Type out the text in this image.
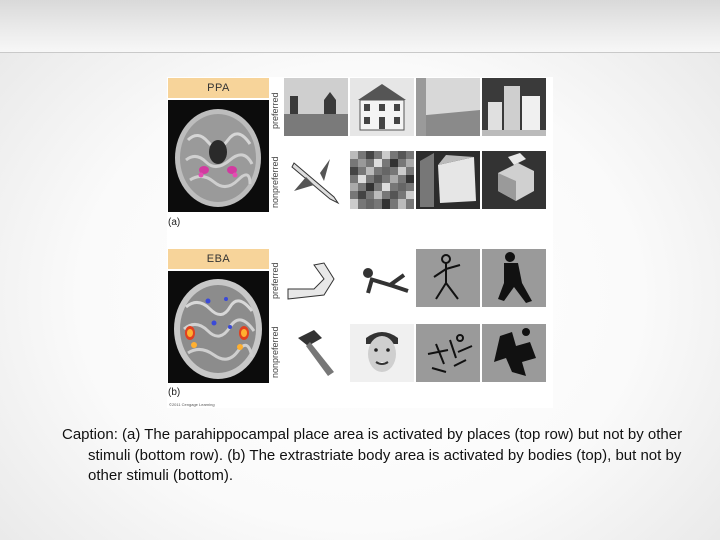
PPA
(a)
preferred
nonpreferred
EBA
(b)
©2011 Cengage Learning
preferred
nonpreferred
Caption: (a) The parahippocampal place area is activated by places (top row) but not by other stimuli (bottom row). (b) The extrastriate body area is activated by bodies (top), but not by other stimuli (bottom).
